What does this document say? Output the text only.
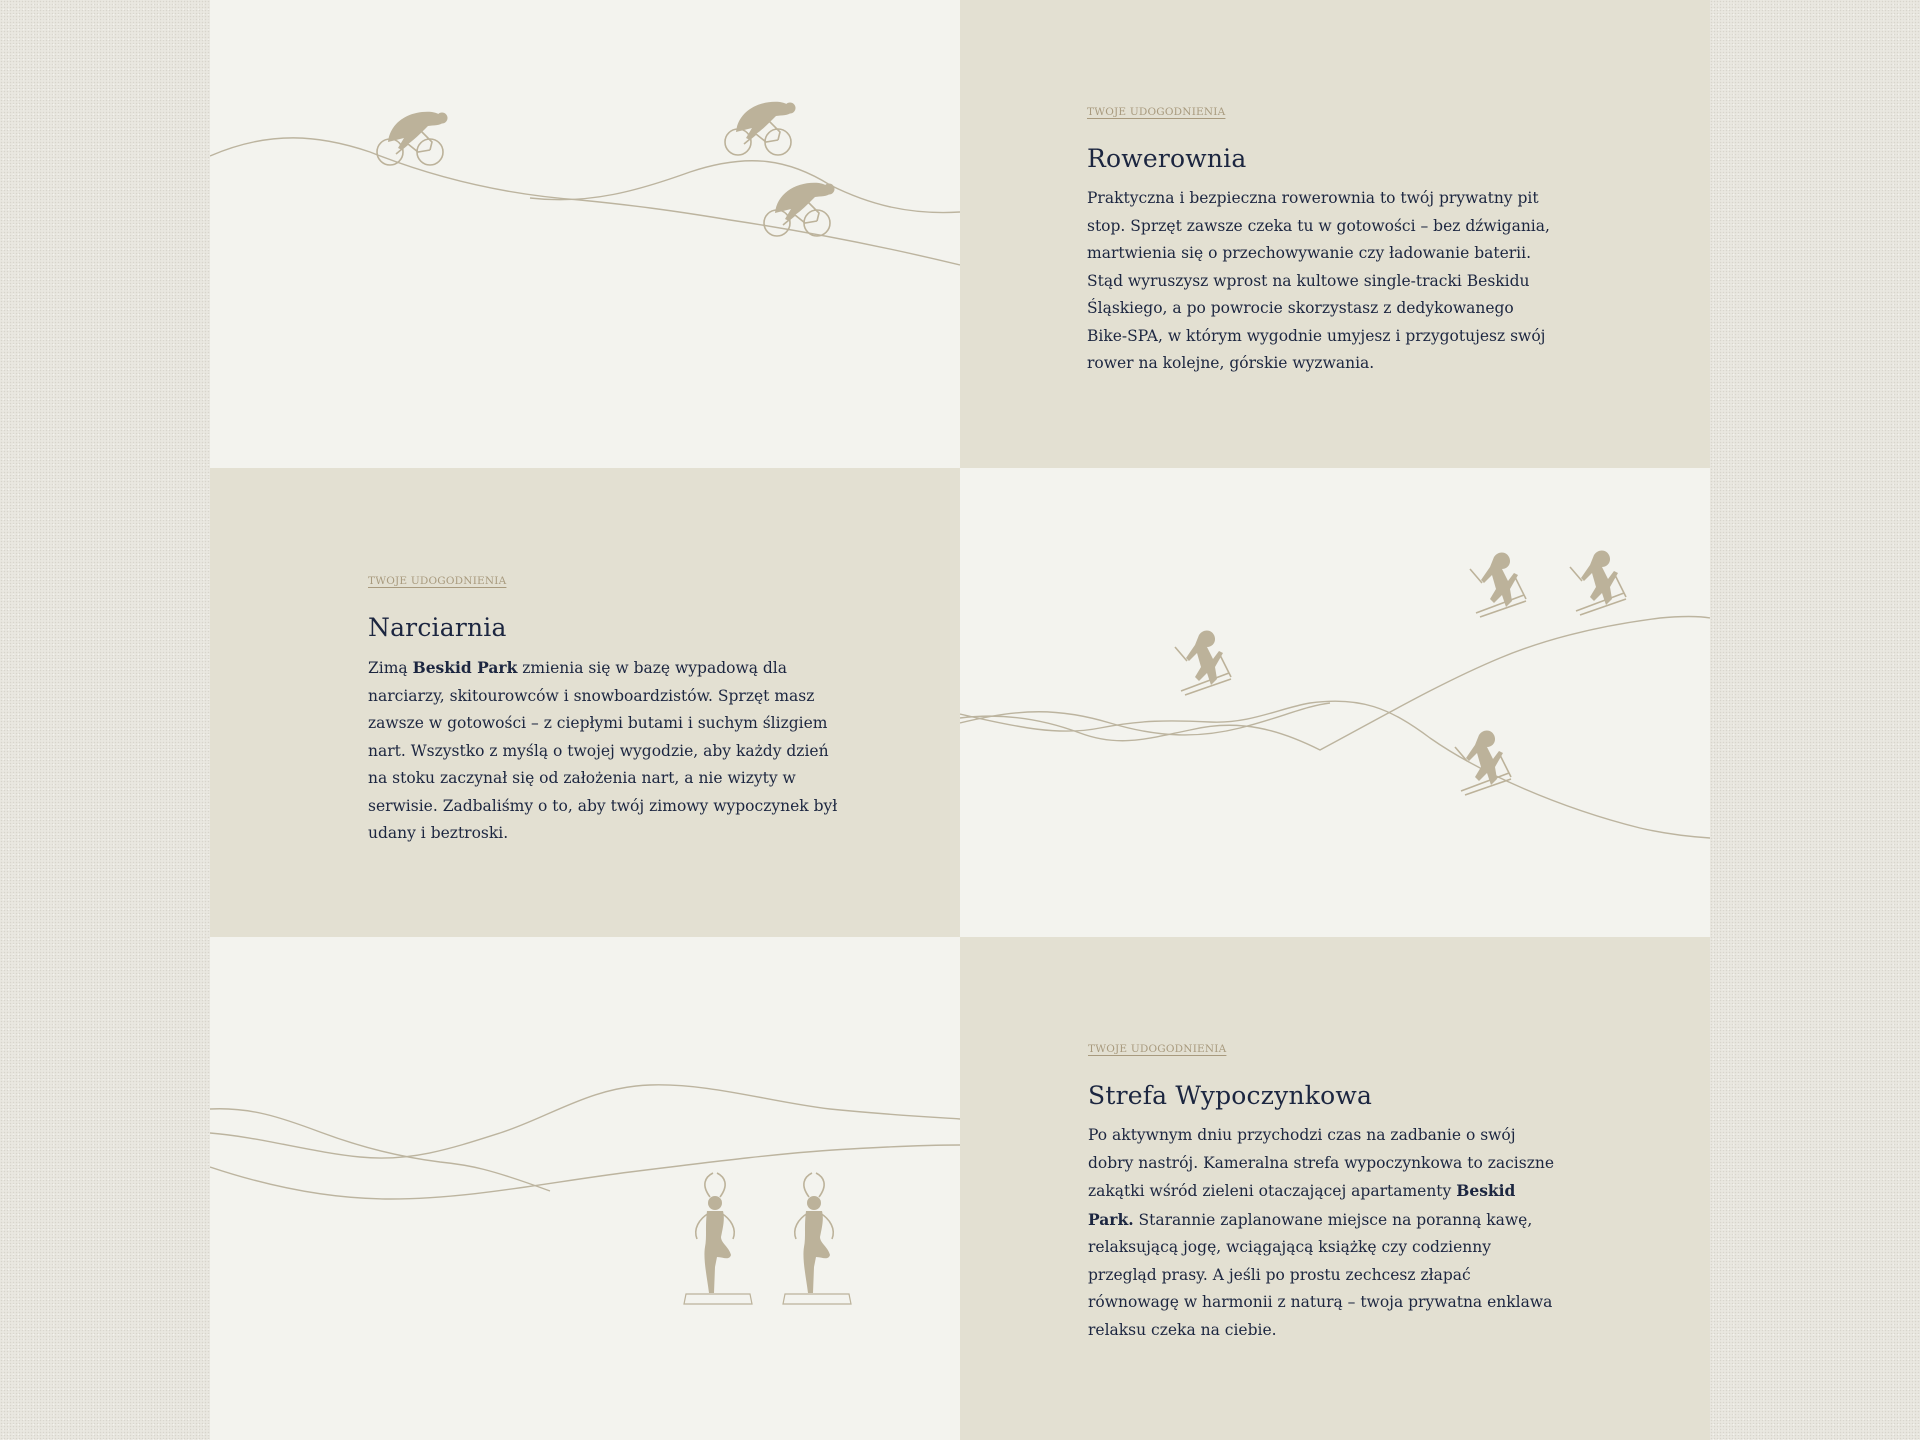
TWOJE UDOGODNIENIA
Rowerownia

Praktyczna i bezpieczna rowerownia to twój prywatny pit stop. Sprzęt zawsze czeka tu w gotowości – bez dźwigania, martwienia się o przechowywanie czy ładowanie baterii. Stąd wyruszysz wprost na kultowe single-tracki Beskidu Śląskiego, a po powrocie skorzystasz z dedykowanego Bike-SPA, w którym wygodnie umyjesz i przygotujesz swój rower na kolejne, górskie wyzwania.

TWOJE UDOGODNIENIA
Narciarnia

Zimą Beskid Park zmienia się w bazę wypadową dla narciarzy, skitourowców i snowboardzistów. Sprzęt masz zawsze w gotowości – z ciepłymi butami i suchym ślizgiem nart. Wszystko z myślą o twojej wygodzie, aby każdy dzień na stoku zaczynał się od założenia nart, a nie wizyty w serwisie. Zadbaliśmy o to, aby twój zimowy wypoczynek był udany i beztroski.

TWOJE UDOGODNIENIA
Strefa Wypoczynkowa

Po aktywnym dniu przychodzi czas na zadbanie o swój dobry nastrój. Kameralna strefa wypoczynkowa to zaciszne zakątki wśród zieleni otaczającej apartamenty Beskid Park. Starannie zaplanowane miejsce na poranną kawę, relaksującą jogę, wciągającą książkę czy codzienny przegląd prasy. A jeśli po prostu zechcesz złapać równowagę w harmonii z naturą – twoja prywatna enklawa relaksu czeka na ciebie.
